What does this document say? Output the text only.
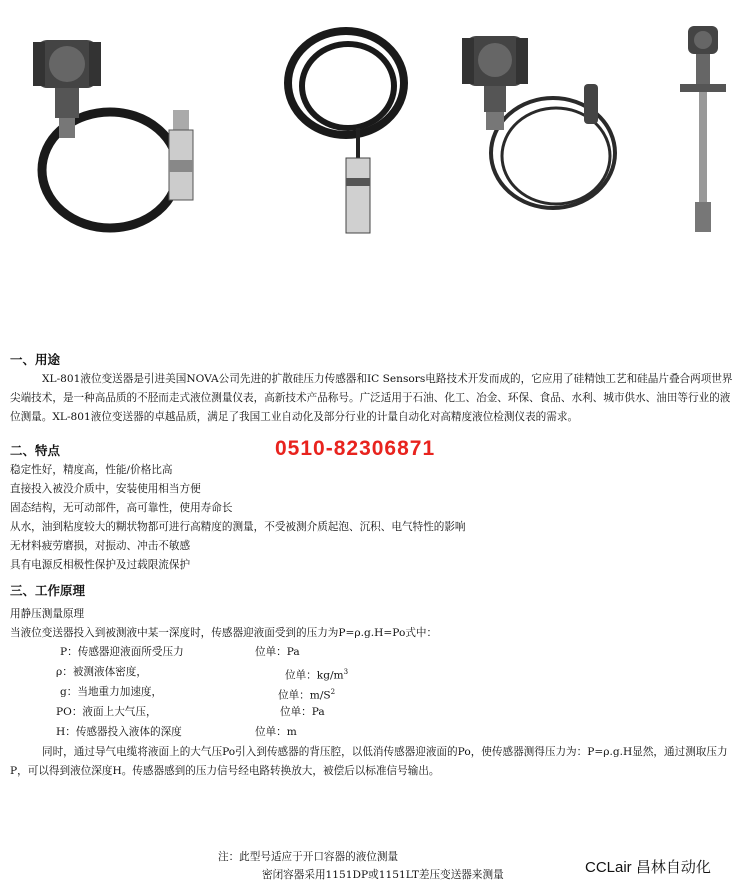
一、用途

XL-801液位变送器是引进美国NOVA公司先进的扩散硅压力传感器和IC Sensors电路技术开发而成的，它应用了硅精蚀工艺和硅晶片叠合两项世界尖端技术，是一种高品质的不胫而走式液位测量仪表，高新技术产品称号。广泛适用于石油、化工、冶金、环保、食品、水利、城市供水、油田等行业的液位测量。XL-801液位变送器的卓越品质，满足了我国工业自动化及部分行业的计量自动化对高精度液位检测仪表的需求。

0510-82306871
二、特点

稳定性好，精度高，性能/价格比高

直接投入被没介质中，安装使用相当方便

固态结构，无可动部件，高可靠性，使用寿命长

从水，油到粘度较大的糊状物都可进行高精度的测量，不受被测介质起泡、沉积、电气特性的影响

无材料疲劳磨损，对振动、冲击不敏感

具有电源反相极性保护及过载限流保护

三、工作原理

用静压测量原理

当液位变送器投入到被测液中某一深度时，传感器迎液面受到的压力为P=ρ.g.H=Po式中：

P：传感器迎液面所受压力	位单：Pa
ρ：被测液体密度，	位单：$kg/m^3$
g：当地重力加速度，	位单：$m/S^2$
PO：液面上大气压，	位单：Pa
H：传感器投入液体的深度	位单：m

同时，通过导气电缆将液面上的大气压Po引入到传感器的背压腔，以低消传感器迎液面的Po，使传感器测得压力为：P=ρ.g.H显然，通过测取压力P，可以得到液位深度H。传感器感到的压力信号经电路转换放大，被偿后以标准信号输出。

注：此型号适应于开口容器的液位测量
密闭容器采用1151DP或1151LT差压变送器来测量	CCLair 昌林自动化
